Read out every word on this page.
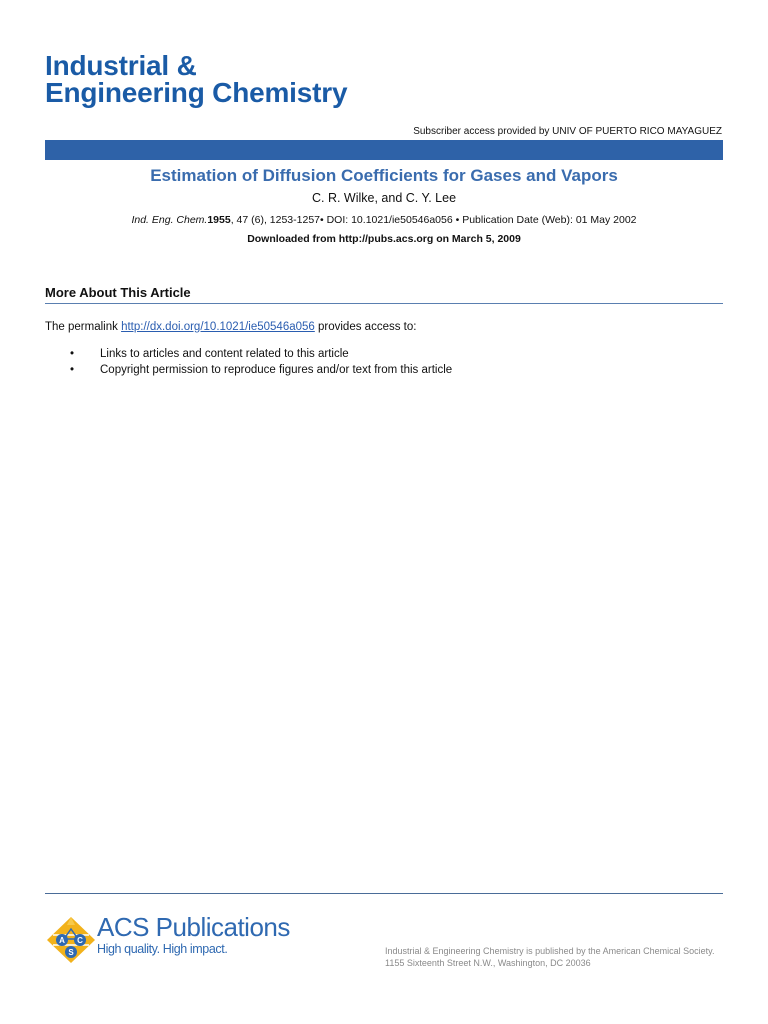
Industrial &
Engineering Chemistry
Subscriber access provided by UNIV OF PUERTO RICO MAYAGUEZ
Estimation of Diffusion Coefficients for Gases and Vapors
C. R. Wilke, and C. Y. Lee
Ind. Eng. Chem.1955, 47 (6), 1253-1257• DOI: 10.1021/ie50546a056 • Publication Date (Web): 01 May 2002
Downloaded from http://pubs.acs.org on March 5, 2009
More About This Article
The permalink http://dx.doi.org/10.1021/ie50546a056 provides access to:
• Links to articles and content related to this article
• Copyright permission to reproduce figures and/or text from this article
A C
S
ACS Publications
High quality. High impact.	Industrial & Engineering Chemistry is published by the American Chemical Society.
1155 Sixteenth Street N.W., Washington, DC 20036
